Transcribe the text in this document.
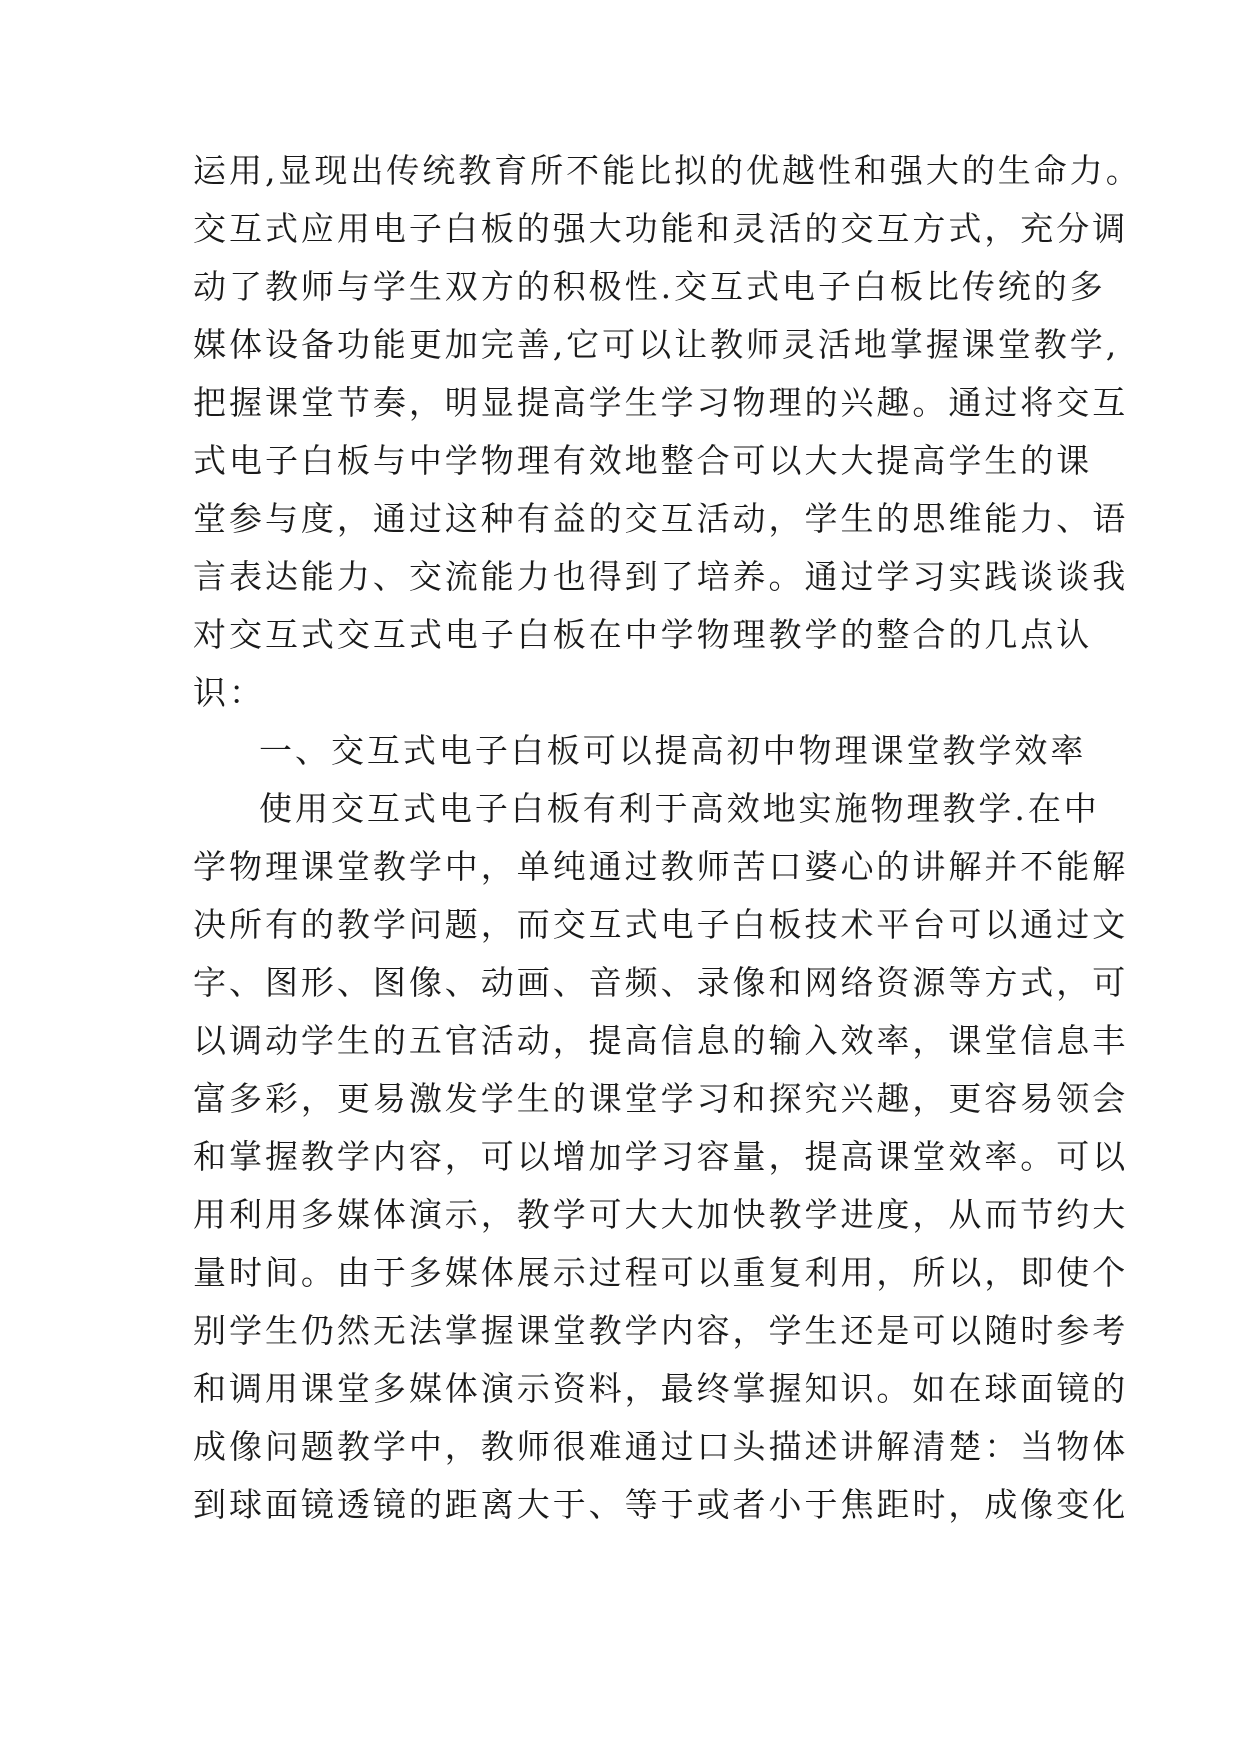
运用,显现出传统教育所不能比拟的优越性和强大的生命力。
交互式应用电子白板的强大功能和灵活的交互方式，充分调
动了教师与学生双方的积极性.交互式电子白板比传统的多
媒体设备功能更加完善,它可以让教师灵活地掌握课堂教学,
把握课堂节奏，明显提高学生学习物理的兴趣。通过将交互
式电子白板与中学物理有效地整合可以大大提高学生的课
堂参与度，通过这种有益的交互活动，学生的思维能力、语
言表达能力、交流能力也得到了培养。通过学习实践谈谈我
对交互式交互式电子白板在中学物理教学的整合的几点认
识：
一、交互式电子白板可以提高初中物理课堂教学效率
使用交互式电子白板有利于高效地实施物理教学.在中
学物理课堂教学中，单纯通过教师苦口婆心的讲解并不能解
决所有的教学问题，而交互式电子白板技术平台可以通过文
字、图形、图像、动画、音频、录像和网络资源等方式，可
以调动学生的五官活动，提高信息的输入效率，课堂信息丰
富多彩，更易激发学生的课堂学习和探究兴趣，更容易领会
和掌握教学内容，可以增加学习容量，提高课堂效率。可以
用利用多媒体演示，教学可大大加快教学进度，从而节约大
量时间。由于多媒体展示过程可以重复利用，所以，即使个
别学生仍然无法掌握课堂教学内容，学生还是可以随时参考
和调用课堂多媒体演示资料，最终掌握知识。如在球面镜的
成像问题教学中，教师很难通过口头描述讲解清楚：当物体
到球面镜透镜的距离大于、等于或者小于焦距时，成像变化
